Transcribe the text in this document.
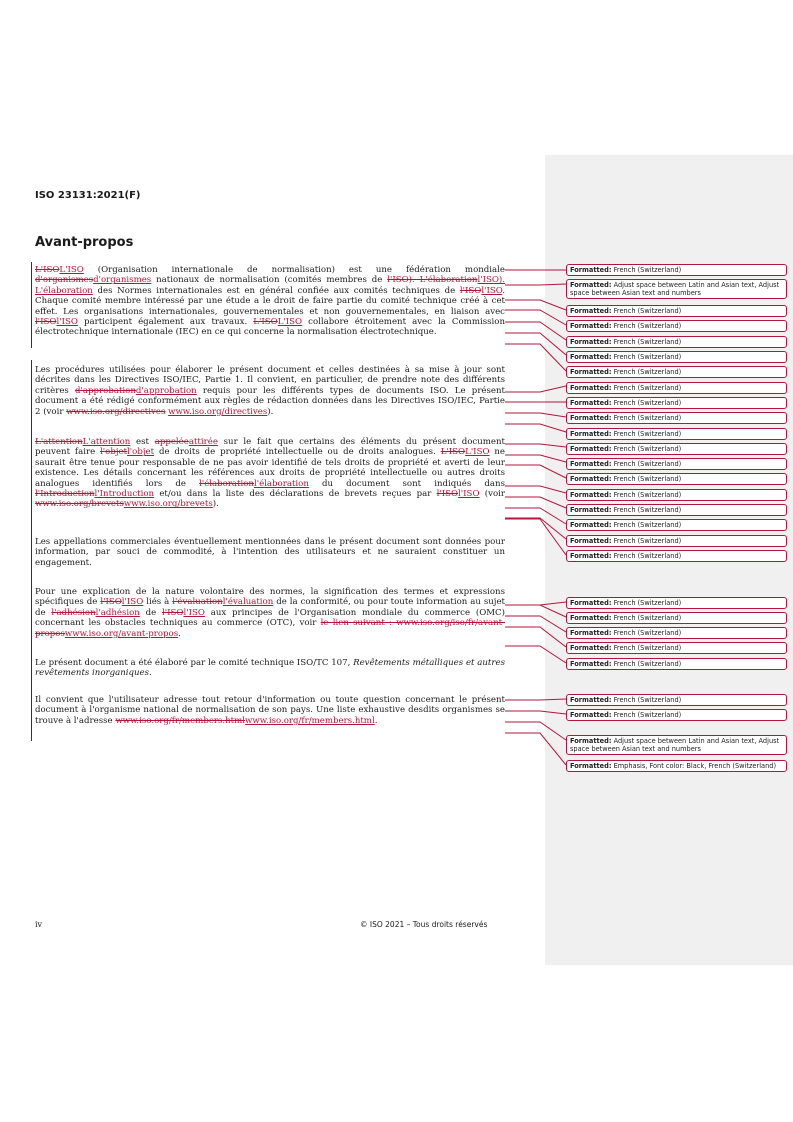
ISO 23131:2021(F)
Avant-propos
L'ISOL'ISO (Organisation internationale de normalisation) est une fédération mondiale d'organismesd'organismes nationaux de normalisation (comités membres de l'ISO). L'élaborationl'ISO). L'élaboration des Normes internationales est en général confiée aux comités techniques de l'ISOl'ISO. Chaque comité membre intéressé par une étude a le droit de faire partie du comité technique créé à cet effet. Les organisations internationales, gouvernementales et non gouvernementales, en liaison avec l'ISOl'ISO participent également aux travaux. L'ISOL'ISO collabore étroitement avec la Commission électrotechnique internationale (IEC) en ce qui concerne la normalisation électrotechnique.
Les procédures utilisées pour élaborer le présent document et celles destinées à sa mise à jour sont décrites dans les Directives ISO/IEC, Partie 1. Il convient, en particulier, de prendre note des différents critères d'approbationd'approbation requis pour les différents types de documents ISO. Le présent document a été rédigé conformément aux règles de rédaction données dans les Directives ISO/IEC, Partie 2 (voir www.iso.org/directives www.iso.org/directives).
L'attentionL'attention est appeléeattirée sur le fait que certains des éléments du présent document peuvent faire l'objetl'objet de droits de propriété intellectuelle ou de droits analogues. L'ISOL'ISO ne saurait être tenue pour responsable de ne pas avoir identifié de tels droits de propriété et averti de leur existence. Les détails concernant les références aux droits de propriété intellectuelle ou autres droits analogues identifiés lors de l'élaborationl'élaboration du document sont indiqués dans l'Introductionl'Introduction et/ou dans la liste des déclarations de brevets reçues par l'ISOl'ISO (voir www.iso.org/brevetswww.iso.org/brevets).
Les appellations commerciales éventuellement mentionnées dans le présent document sont données pour information, par souci de commodité, à l'intention des utilisateurs et ne sauraient constituer un engagement.
Pour une explication de la nature volontaire des normes, la signification des termes et expressions spécifiques de l'ISOl'ISO liés à l'évaluationl'évaluation de la conformité, ou pour toute information au sujet de l'adhésionl'adhésion de l'ISOl'ISO aux principes de l'Organisation mondiale du commerce (OMC) concernant les obstacles techniques au commerce (OTC), voir le lien suivant : www.iso.org/iso/fr/avant-proposwww.iso.org/avant-propos.
Le présent document a été élaboré par le comité technique ISO/TC 107, Revêtements métalliques et autres revêtements inorganiques.
Il convient que l'utilisateur adresse tout retour d'information ou toute question concernant le présent document à l'organisme national de normalisation de son pays. Une liste exhaustive desdits organismes se trouve à l'adresse www.iso.org/fr/members.htmlwww.iso.org/fr/members.html.
iv	© ISO 2021 – Tous droits réservés
Formatted: French (Switzerland)
Formatted: Adjust space between Latin and Asian text, Adjust space between Asian text and numbers
Formatted: French (Switzerland)
Formatted: French (Switzerland)
Formatted: French (Switzerland)
Formatted: French (Switzerland)
Formatted: French (Switzerland)
Formatted: French (Switzerland)
Formatted: French (Switzerland)
Formatted: French (Switzerland)
Formatted: French (Switzerland)
Formatted: French (Switzerland)
Formatted: French (Switzerland)
Formatted: French (Switzerland)
Formatted: French (Switzerland)
Formatted: French (Switzerland)
Formatted: French (Switzerland)
Formatted: French (Switzerland)
Formatted: French (Switzerland)
Formatted: French (Switzerland)
Formatted: French (Switzerland)
Formatted: French (Switzerland)
Formatted: French (Switzerland)
Formatted: French (Switzerland)
Formatted: French (Switzerland)
Formatted: French (Switzerland)
Formatted: Adjust space between Latin and Asian text, Adjust space between Asian text and numbers
Formatted: Emphasis, Font color: Black, French (Switzerland)
